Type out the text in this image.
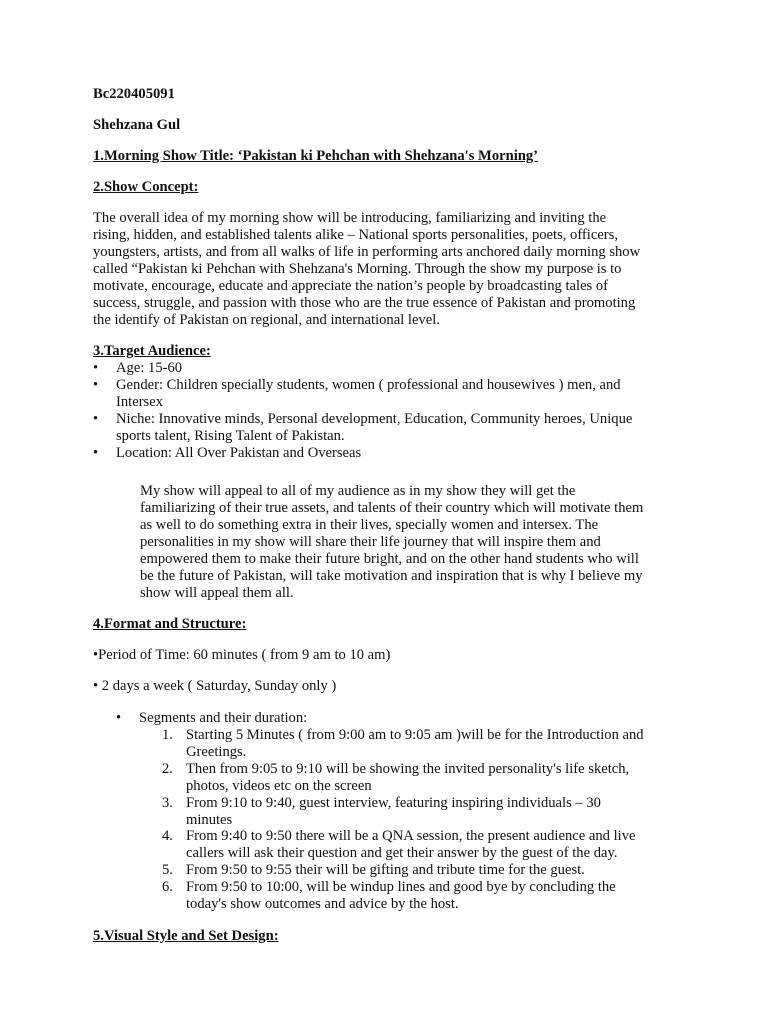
Bc220405091

Shehzana Gul

1.Morning Show Title: ‘Pakistan ki Pehchan with Shehzana's Morning’

2.Show Concept:

The overall idea of my morning show will be introducing, familiarizing and inviting the

rising, hidden, and established talents alike – National sports personalities, poets, officers,

youngsters, artists, and from all walks of life in performing arts anchored daily morning show

called “Pakistan ki Pehchan with Shehzana's Morning. Through the show my purpose is to

motivate, encourage, educate and appreciate the nation’s people by broadcasting tales of

success, struggle, and passion with those who are the true essence of Pakistan and promoting

the identify of Pakistan on regional, and international level.

3.Target Audience:

• Age: 15-60
• Gender: Children specially students, women ( professional and housewives ) men, and
Intersex
• Niche: Innovative minds, Personal development, Education, Community heroes, Unique
sports talent, Rising Talent of Pakistan.
• Location: All Over Pakistan and Overseas

My show will appeal to all of my audience as in my show they will get the

familiarizing of their true assets, and talents of their country which will motivate them

as well to do something extra in their lives, specially women and intersex. The

personalities in my show will share their life journey that will inspire them and

empowered them to make their future bright, and on the other hand students who will

be the future of Pakistan, will take motivation and inspiration that is why I believe my

show will appeal them all.

4.Format and Structure:

•Period of Time: 60 minutes ( from 9 am to 10 am)

• 2 days a week ( Saturday, Sunday only )

• Segments and their duration:
1. Starting 5 Minutes ( from 9:00 am to 9:05 am )will be for the Introduction and
Greetings.
2. Then from 9:05 to 9:10 will be showing the invited personality's life sketch,
photos, videos etc on the screen
3. From 9:10 to 9:40, guest interview, featuring inspiring individuals – 30
minutes
4. From 9:40 to 9:50 there will be a QNA session, the present audience and live
callers will ask their question and get their answer by the guest of the day.
5. From 9:50 to 9:55 their will be gifting and tribute time for the guest.
6. From 9:50 to 10:00, will be windup lines and good bye by concluding the
today's show outcomes and advice by the host.

5.Visual Style and Set Design:
